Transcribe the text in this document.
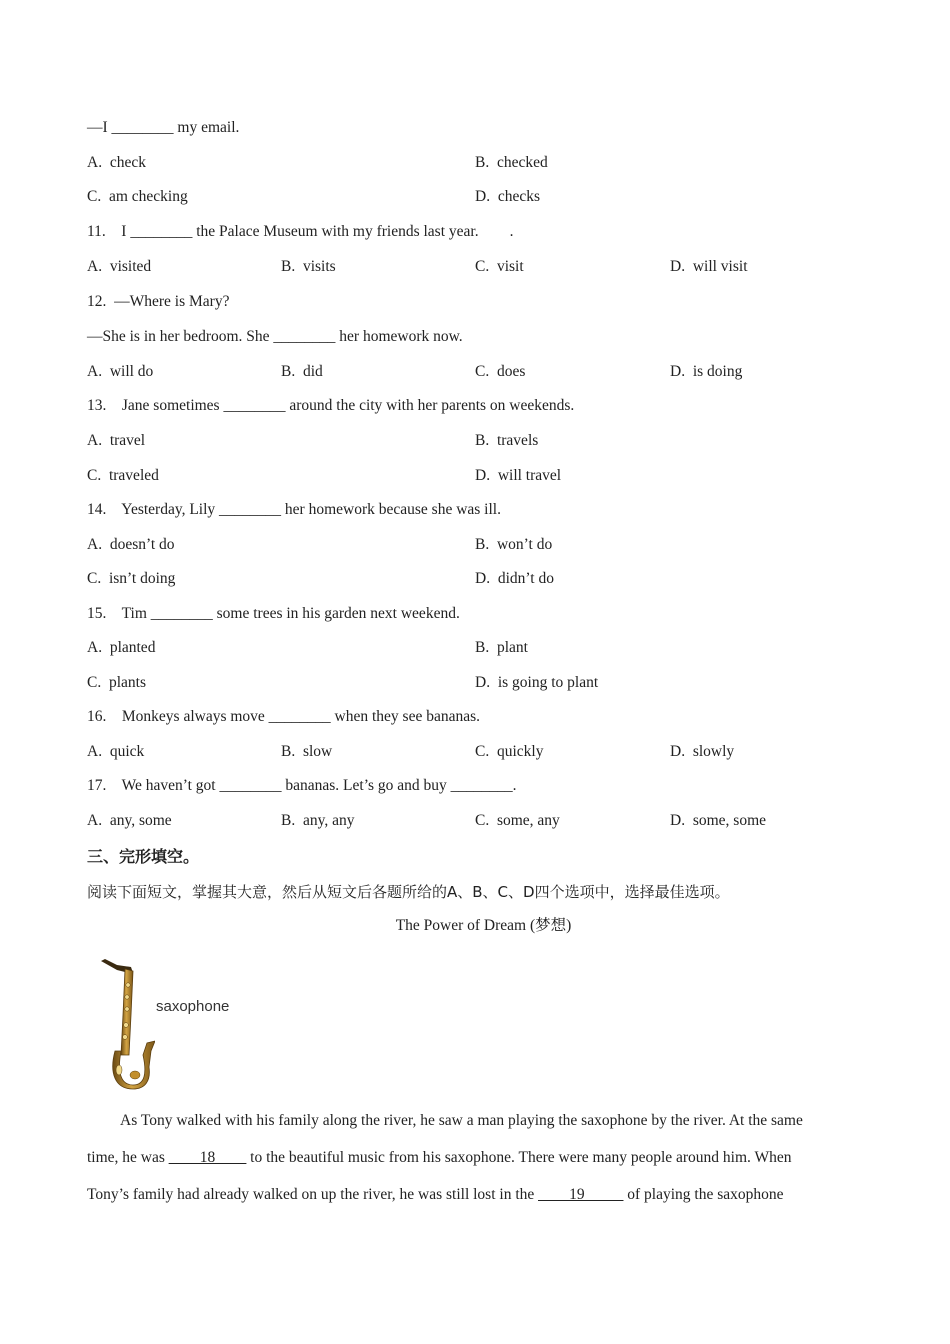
—I ________ my email.
A.  check	B.  checked
C.  am checking	D.  checks
11.    I ________ the Palace Museum with my friends last year.        .
A.  visited	B.  visits	C.  visit	D.  will visit
12.  —Where is Mary?
—She is in her bedroom. She ________ her homework now.
A.  will do	B.  did	C.  does	D.  is doing
13.    Jane sometimes ________ around the city with her parents on weekends.
A.  travel	B.  travels
C.  traveled	D.  will travel
14.    Yesterday, Lily ________ her homework because she was ill.
A.  doesn’t do	B.  won’t do
C.  isn’t doing	D.  didn’t do
15.    Tim ________ some trees in his garden next weekend.
A.  planted	B.  plant
C.  plants	D.  is going to plant
16.    Monkeys always move ________ when they see bananas.
A.  quick	B.  slow	C.  quickly	D.  slowly
17.    We haven’t got ________ bananas. Let’s go and buy ________.
A.  any, some	B.  any, any	C.  some, any	D.  some, some
三、完形填空。
阅读下面短文，掌握其大意，然后从短文后各题所给的A、B、C、D四个选项中，选择最佳选项。
The Power of Dream (梦想)
saxophone
As Tony walked with his family along the river, he saw a man playing the saxophone by the river. At the same
time, he was ____18____ to the beautiful music from his saxophone. There were many people around him. When
Tony’s family had already walked on up the river, he was still lost in the ____19_____ of playing the saxophone
